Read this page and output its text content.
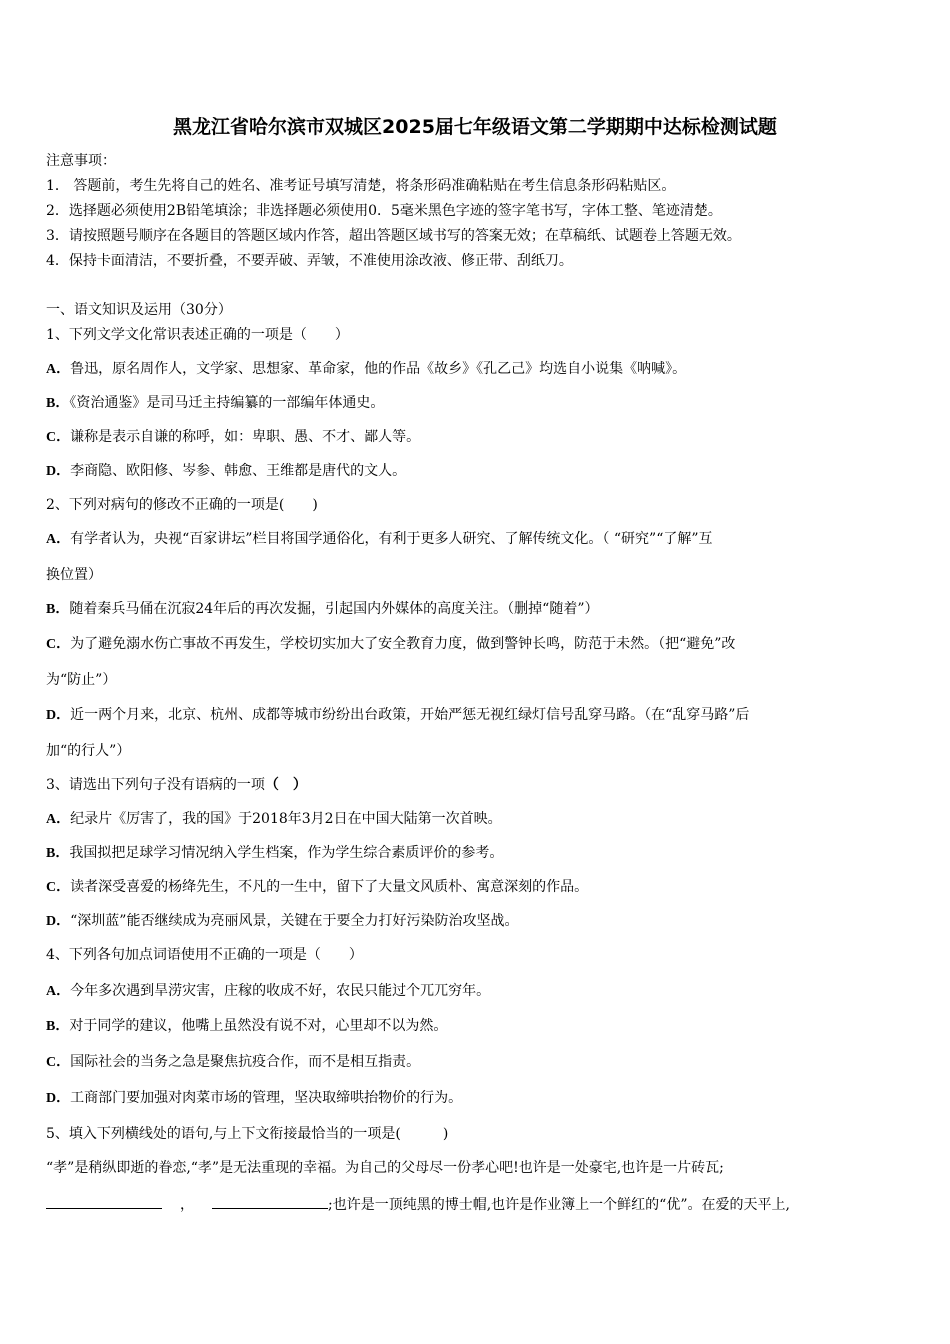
黑龙江省哈尔滨市双城区2025届七年级语文第二学期期中达标检测试题
注意事项：
1． 答题前，考生先将自己的姓名、准考证号填写清楚，将条形码准确粘贴在考生信息条形码粘贴区。
2．选择题必须使用2B铅笔填涂；非选择题必须使用0．5毫米黑色字迹的签字笔书写，字体工整、笔迹清楚。
3．请按照题号顺序在各题目的答题区域内作答，超出答题区域书写的答案无效；在草稿纸、试题卷上答题无效。
4．保持卡面清洁，不要折叠，不要弄破、弄皱，不准使用涂改液、修正带、刮纸刀。
一、语文知识及运用（30分）
1、下列文学文化常识表述正确的一项是（　　）
A．鲁迅，原名周作人，文学家、思想家、革命家，他的作品《故乡》《孔乙己》均选自小说集《呐喊》。
B．《资治通鉴》是司马迁主持编纂的一部编年体通史。
C．谦称是表示自谦的称呼，如：卑职、愚、不才、鄙人等。
D．李商隐、欧阳修、岑参、韩愈、王维都是唐代的文人。
2、下列对病句的修改不正确的一项是(　　)
A．有学者认为，央视“百家讲坛”栏目将国学通俗化，有利于更多人研究、了解传统文化。（ “研究”“了解”互
换位置）
B．随着秦兵马俑在沉寂24年后的再次发掘，引起国内外媒体的高度关注。（删掉“随着”）
C．为了避免溺水伤亡事故不再发生，学校切实加大了安全教育力度，做到警钟长鸣，防范于未然。（把“避免”改
为“防止”）
D．近一两个月来，北京、杭州、成都等城市纷纷出台政策，开始严惩无视红绿灯信号乱穿马路。（在“乱穿马路”后
加“的行人”）
3、请选出下列句子没有语病的一项（　）
A．纪录片《厉害了，我的国》于2018年3月2日在中国大陆第一次首映。
B．我国拟把足球学习情况纳入学生档案，作为学生综合素质评价的参考。
C．读者深受喜爱的杨绛先生，不凡的一生中，留下了大量文风质朴、寓意深刻的作品。
D．“深圳蓝”能否继续成为亮丽风景，关键在于要全力打好污染防治攻坚战。
4、下列各句加点词语使用不正确的一项是（　　）
A．今年多次遇到旱涝灾害，庄稼的收成不好，农民只能过个兀兀穷年。
B．对于同学的建议，他嘴上虽然没有说不对，心里却不以为然。
C．国际社会的当务之急是聚焦抗疫合作，而不是相互指责。
D．工商部门要加强对肉菜市场的管理，坚决取缔哄抬物价的行为。
5、填入下列横线处的语句,与上下文衔接最恰当的一项是(　　　)
“孝”是稍纵即逝的眷恋,“孝”是无法重现的幸福。为自己的父母尽一份孝心吧!也许是一处豪宅,也许是一片砖瓦;
，	;也许是一顶纯黑的博士帽,也许是作业簿上一个鲜红的“优”。在爱的天平上,
